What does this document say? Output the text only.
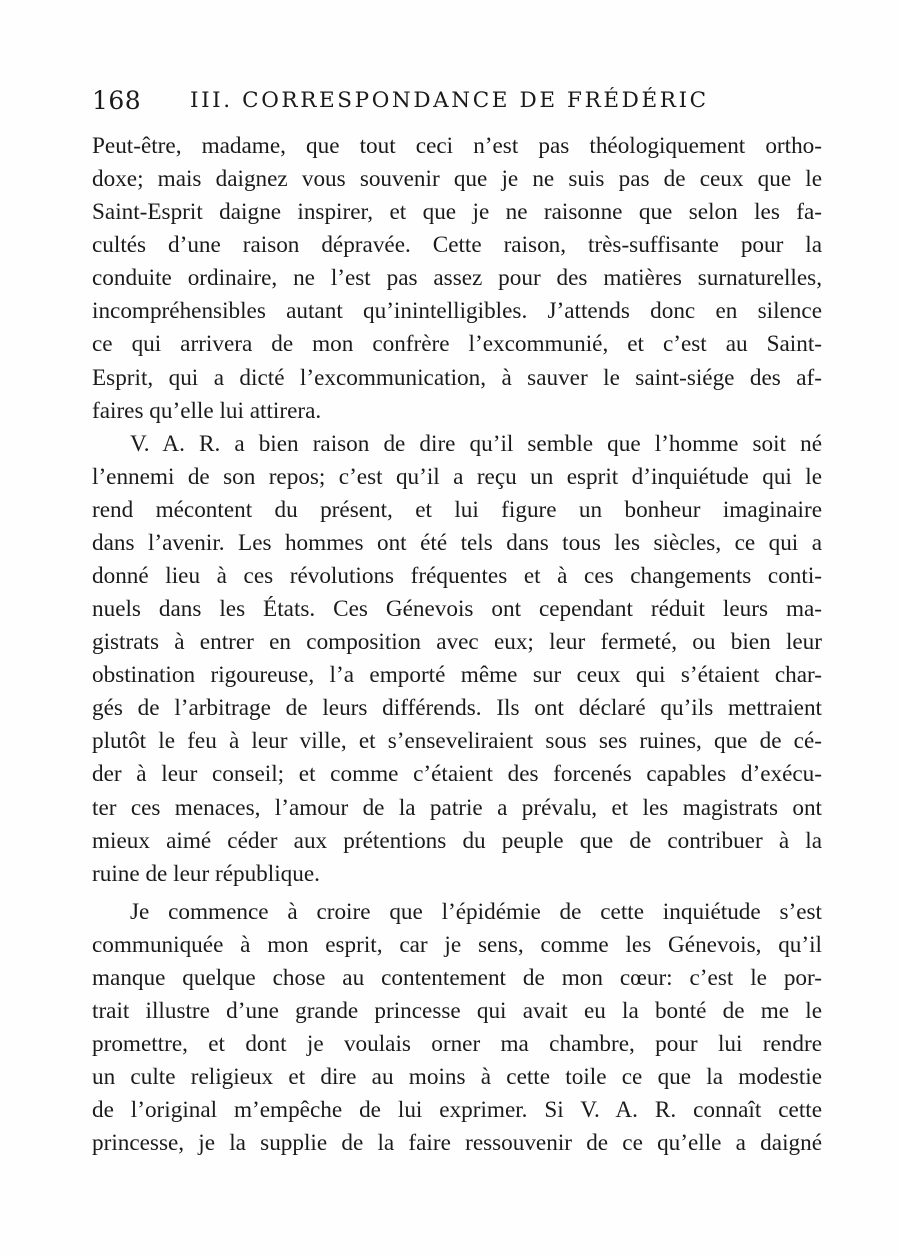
168 III. CORRESPONDANCE DE FRÉDÉRIC
Peut-être, madame, que tout ceci n’est pas théologiquement ortho-
doxe; mais daignez vous souvenir que je ne suis pas de ceux que le
Saint-Esprit daigne inspirer, et que je ne raisonne que selon les fa-
cultés d’une raison dépravée. Cette raison, très-suffisante pour la
conduite ordinaire, ne l’est pas assez pour des matières surnaturelles,
incompréhensibles autant qu’inintelligibles. J’attends donc en silence
ce qui arrivera de mon confrère l’excommunié, et c’est au Saint-
Esprit, qui a dicté l’excommunication, à sauver le saint-siége des af-
faires qu’elle lui attirera.
V. A. R. a bien raison de dire qu’il semble que l’homme soit né
l’ennemi de son repos; c’est qu’il a reçu un esprit d’inquiétude qui le
rend mécontent du présent, et lui figure un bonheur imaginaire
dans l’avenir. Les hommes ont été tels dans tous les siècles, ce qui a
donné lieu à ces révolutions fréquentes et à ces changements conti-
nuels dans les États. Ces Génevois ont cependant réduit leurs ma-
gistrats à entrer en composition avec eux; leur fermeté, ou bien leur
obstination rigoureuse, l’a emporté même sur ceux qui s’étaient char-
gés de l’arbitrage de leurs différends. Ils ont déclaré qu’ils mettraient
plutôt le feu à leur ville, et s’enseveliraient sous ses ruines, que de cé-
der à leur conseil; et comme c’étaient des forcenés capables d’exécu-
ter ces menaces, l’amour de la patrie a prévalu, et les magistrats ont
mieux aimé céder aux prétentions du peuple que de contribuer à la
ruine de leur république.
Je commence à croire que l’épidémie de cette inquiétude s’est
communiquée à mon esprit, car je sens, comme les Génevois, qu’il
manque quelque chose au contentement de mon cœur: c’est le por-
trait illustre d’une grande princesse qui avait eu la bonté de me le
promettre, et dont je voulais orner ma chambre, pour lui rendre
un culte religieux et dire au moins à cette toile ce que la modestie
de l’original m’empêche de lui exprimer. Si V. A. R. connaît cette
princesse, je la supplie de la faire ressouvenir de ce qu’elle a daigné
